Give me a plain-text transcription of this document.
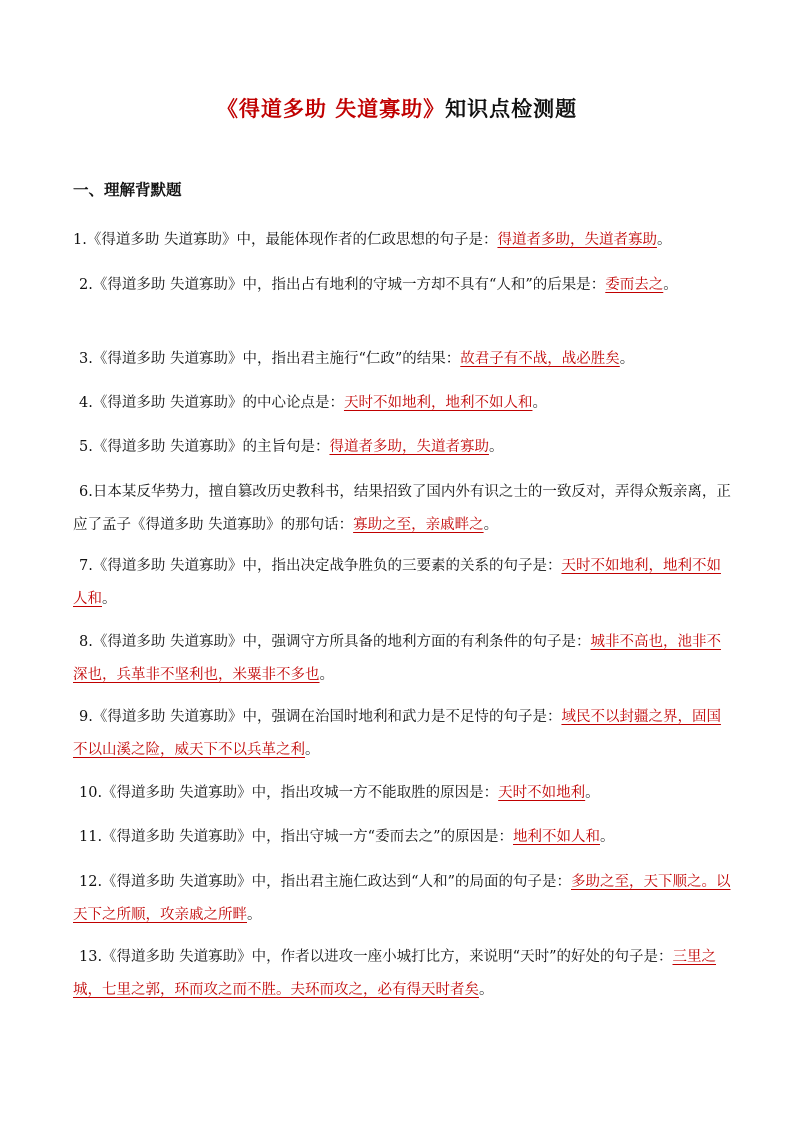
《得道多助 失道寡助》知识点检测题
一、理解背默题
1.《得道多助 失道寡助》中，最能体现作者的仁政思想的句子是：得道者多助，失道者寡助。
2.《得道多助 失道寡助》中，指出占有地利的守城一方却不具有“人和”的后果是：委而去之。
3.《得道多助 失道寡助》中，指出君主施行“仁政”的结果：故君子有不战，战必胜矣。
4.《得道多助 失道寡助》的中心论点是：天时不如地利，地利不如人和。
5.《得道多助 失道寡助》的主旨句是：得道者多助，失道者寡助。
6.日本某反华势力，擅自篡改历史教科书，结果招致了国内外有识之士的一致反对，弄得众叛亲离，正应了孟子《得道多助 失道寡助》的那句话：寡助之至，亲戚畔之。
7.《得道多助 失道寡助》中，指出决定战争胜负的三要素的关系的句子是：天时不如地利，地利不如人和。
8.《得道多助 失道寡助》中，强调守方所具备的地利方面的有利条件的句子是：城非不高也，池非不深也，兵革非不坚利也，米粟非不多也。
9.《得道多助 失道寡助》中，强调在治国时地利和武力是不足恃的句子是：域民不以封疆之界，固国不以山溪之险，威天下不以兵革之利。
10.《得道多助 失道寡助》中，指出攻城一方不能取胜的原因是：天时不如地利。
11.《得道多助 失道寡助》中，指出守城一方“委而去之”的原因是：地利不如人和。
12.《得道多助 失道寡助》中，指出君主施仁政达到“人和”的局面的句子是：多助之至，天下顺之。以天下之所顺，攻亲戚之所畔。
13.《得道多助 失道寡助》中，作者以进攻一座小城打比方，来说明“天时”的好处的句子是：三里之城，七里之郭，环而攻之而不胜。夫环而攻之，必有得天时者矣。
